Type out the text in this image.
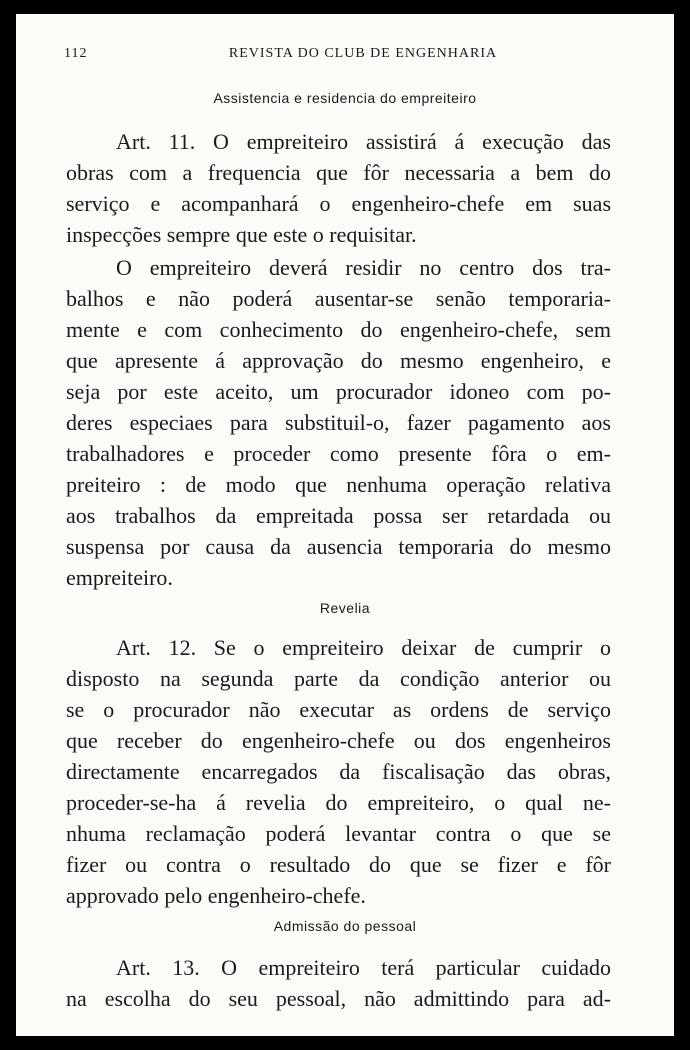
112	REVISTA DO CLUB DE ENGENHARIA
Assistencia e residencia do empreiteiro

Art. 11. O empreiteiro assistirá á execução das
obras com a frequencia que fôr necessaria a bem do
serviço e acompanhará o engenheiro-chefe em suas
inspecções sempre que este o requisitar.

O empreiteiro deverá residir no centro dos tra-
balhos e não poderá ausentar-se senão temporaria-
mente e com conhecimento do engenheiro-chefe, sem
que apresente á approvação do mesmo engenheiro, e
seja por este aceito, um procurador idoneo com po-
deres especiaes para substituil-o, fazer pagamento aos
trabalhadores e proceder como presente fôra o em-
preiteiro : de modo que nenhuma operação relativa
aos trabalhos da empreitada possa ser retardada ou
suspensa por causa da ausencia temporaria do mesmo
empreiteiro.

Revelia

Art. 12. Se o empreiteiro deixar de cumprir o
disposto na segunda parte da condição anterior ou
se o procurador não executar as ordens de serviço
que receber do engenheiro-chefe ou dos engenheiros
directamente encarregados da fiscalisação das obras,
proceder-se-ha á revelia do empreiteiro, o qual ne-
nhuma reclamação poderá levantar contra o que se
fizer ou contra o resultado do que se fizer e fôr
approvado pelo engenheiro-chefe.

Admissão do pessoal

Art. 13. O empreiteiro terá particular cuidado
na escolha do seu pessoal, não admittindo para ad-
